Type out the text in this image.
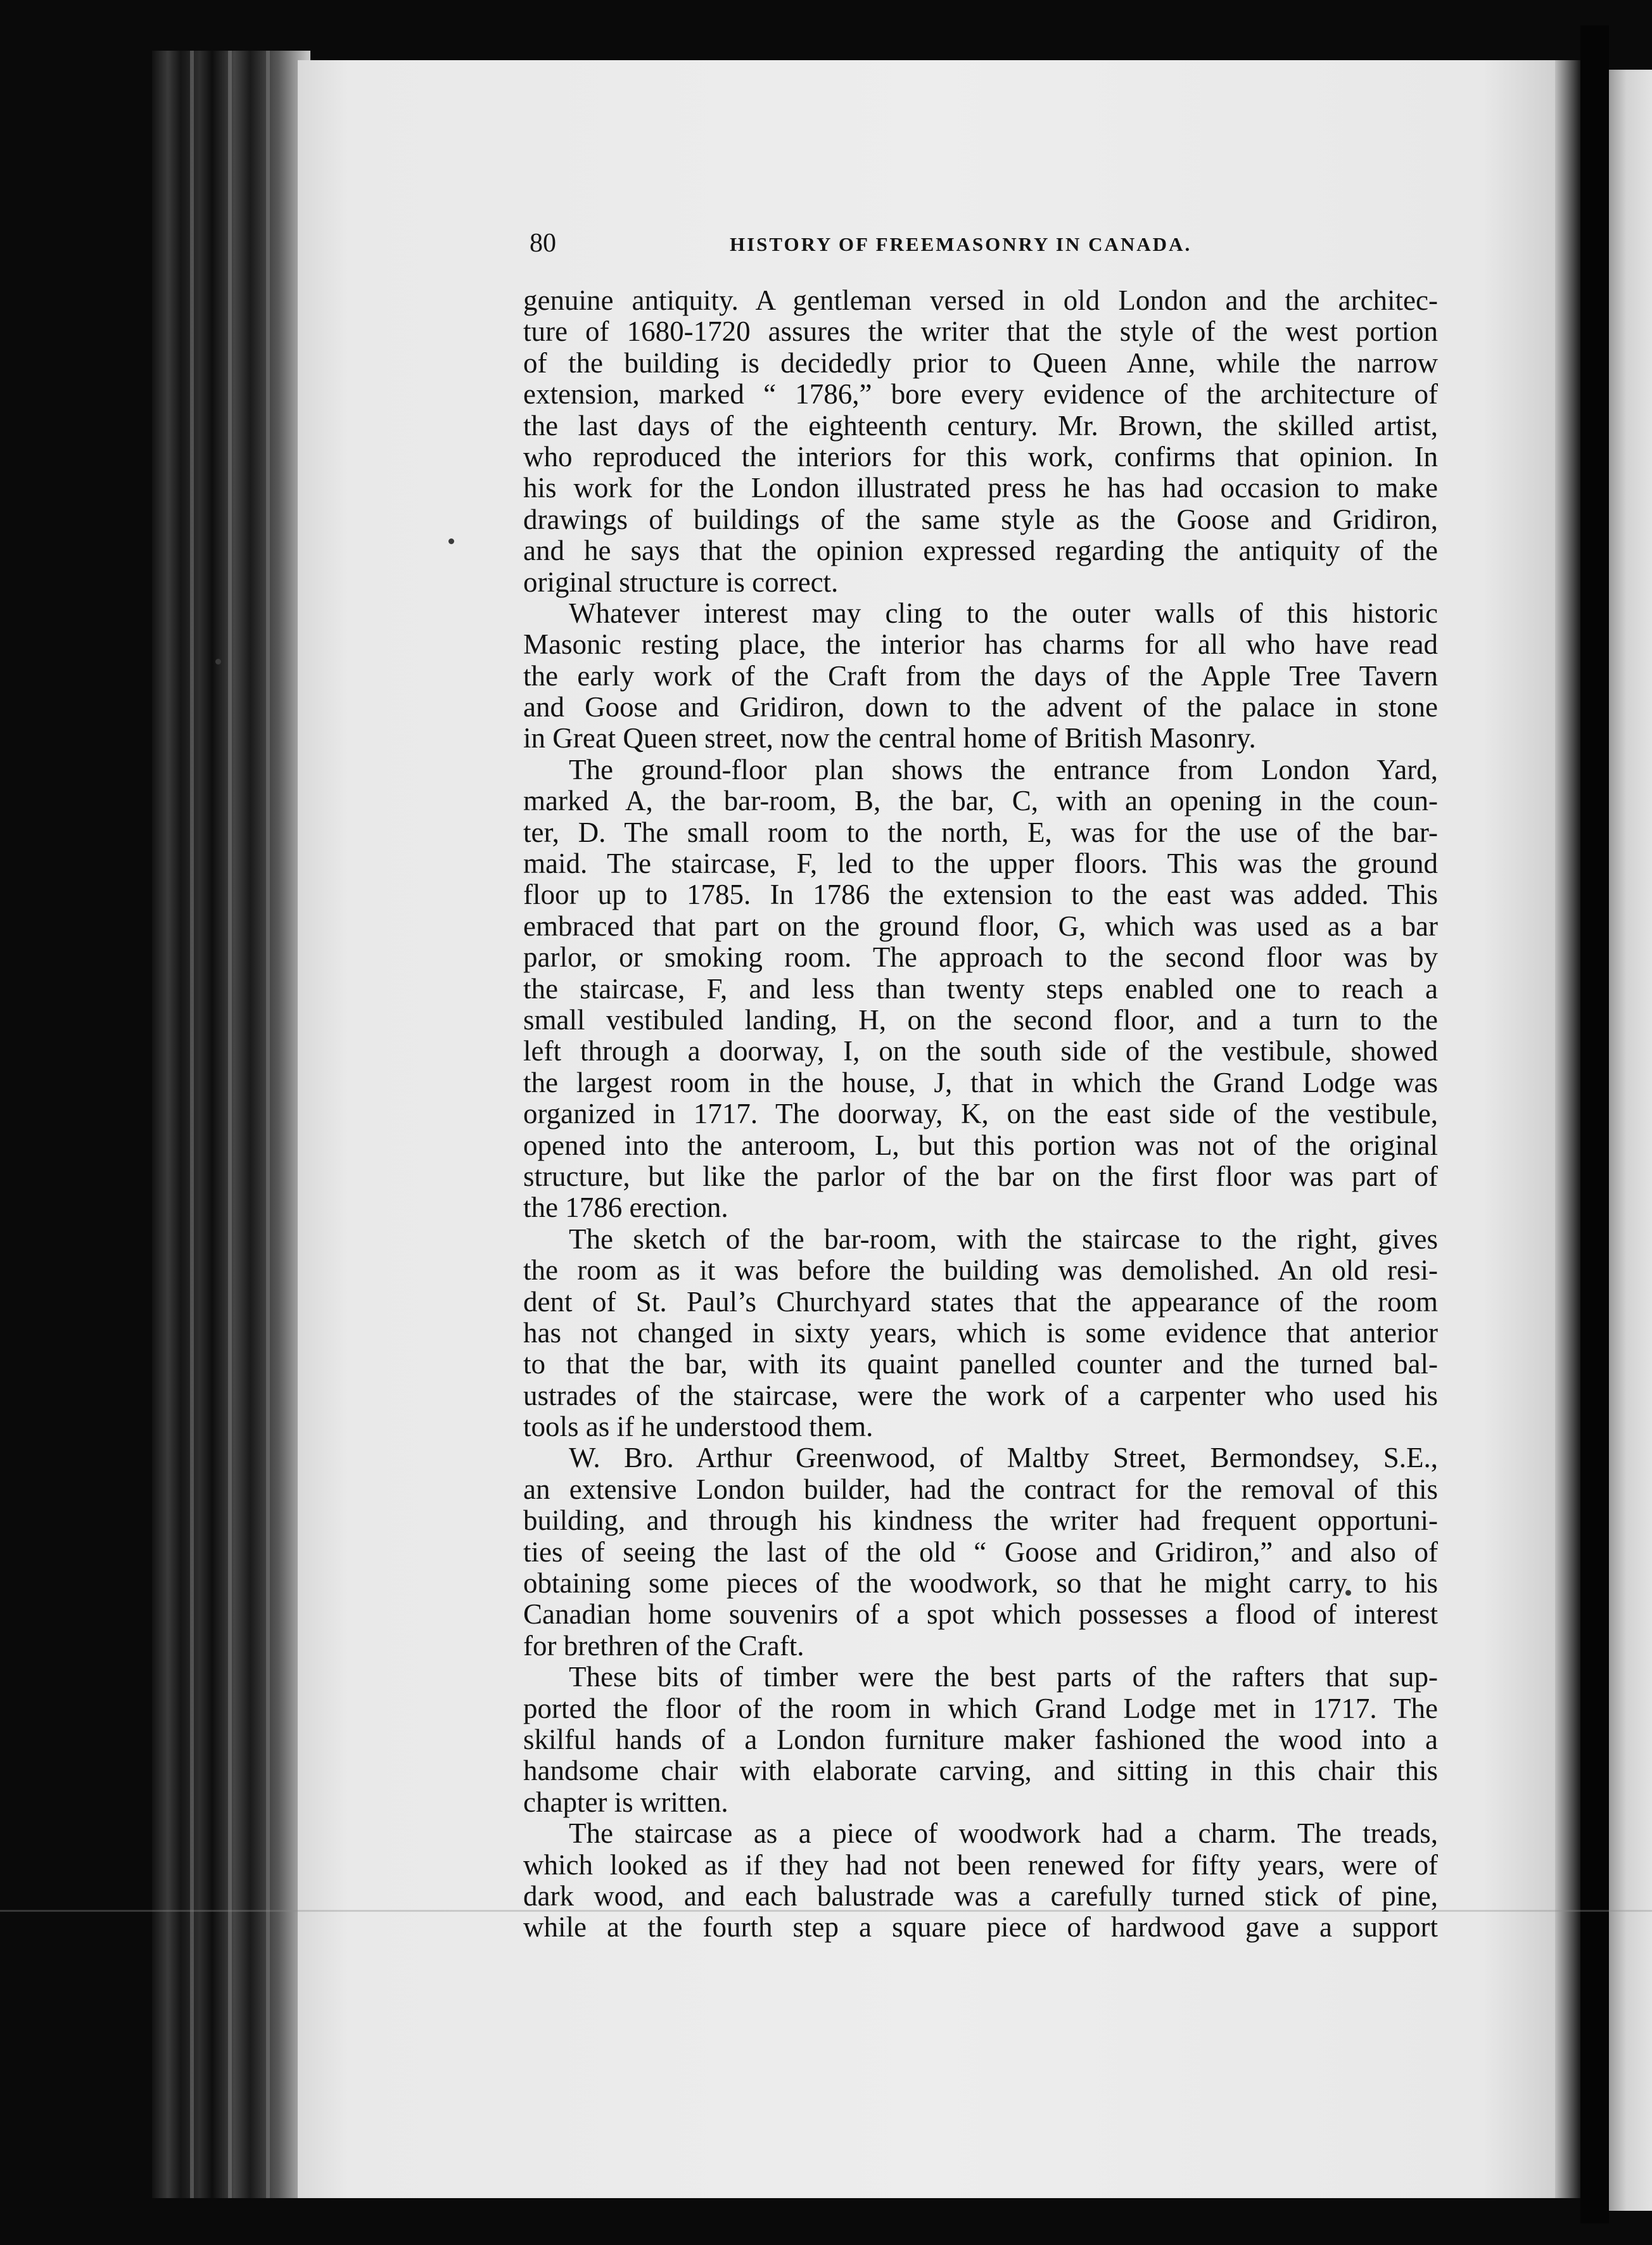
80	HISTORY OF FREEMASONRY IN CANADA.
genuine antiquity. A gentleman versed in old London and the architec-
ture of 1680-1720 assures the writer that the style of the west portion
of the building is decidedly prior to Queen Anne, while the narrow
extension, marked “ 1786,” bore every evidence of the architecture of
the last days of the eighteenth century. Mr. Brown, the skilled artist,
who reproduced the interiors for this work, confirms that opinion. In
his work for the London illustrated press he has had occasion to make
drawings of buildings of the same style as the Goose and Gridiron,
and he says that the opinion expressed regarding the antiquity of the
original structure is correct.
Whatever interest may cling to the outer walls of this historic
Masonic resting place, the interior has charms for all who have read
the early work of the Craft from the days of the Apple Tree Tavern
and Goose and Gridiron, down to the advent of the palace in stone
in Great Queen street, now the central home of British Masonry.
The ground-floor plan shows the entrance from London Yard,
marked A, the bar-room, B, the bar, C, with an opening in the coun-
ter, D. The small room to the north, E, was for the use of the bar-
maid. The staircase, F, led to the upper floors. This was the ground
floor up to 1785. In 1786 the extension to the east was added. This
embraced that part on the ground floor, G, which was used as a bar
parlor, or smoking room. The approach to the second floor was by
the staircase, F, and less than twenty steps enabled one to reach a
small vestibuled landing, H, on the second floor, and a turn to the
left through a doorway, I, on the south side of the vestibule, showed
the largest room in the house, J, that in which the Grand Lodge was
organized in 1717. The doorway, K, on the east side of the vestibule,
opened into the anteroom, L, but this portion was not of the original
structure, but like the parlor of the bar on the first floor was part of
the 1786 erection.
The sketch of the bar-room, with the staircase to the right, gives
the room as it was before the building was demolished. An old resi-
dent of St. Paul’s Churchyard states that the appearance of the room
has not changed in sixty years, which is some evidence that anterior
to that the bar, with its quaint panelled counter and the turned bal-
ustrades of the staircase, were the work of a carpenter who used his
tools as if he understood them.
W. Bro. Arthur Greenwood, of Maltby Street, Bermondsey, S.E.,
an extensive London builder, had the contract for the removal of this
building, and through his kindness the writer had frequent opportuni-
ties of seeing the last of the old “ Goose and Gridiron,” and also of
obtaining some pieces of the woodwork, so that he might carry to his
Canadian home souvenirs of a spot which possesses a flood of interest
for brethren of the Craft.
These bits of timber were the best parts of the rafters that sup-
ported the floor of the room in which Grand Lodge met in 1717. The
skilful hands of a London furniture maker fashioned the wood into a
handsome chair with elaborate carving, and sitting in this chair this
chapter is written.
The staircase as a piece of woodwork had a charm. The treads,
which looked as if they had not been renewed for fifty years, were of
dark wood, and each balustrade was a carefully turned stick of pine,
while at the fourth step a square piece of hardwood gave a support
